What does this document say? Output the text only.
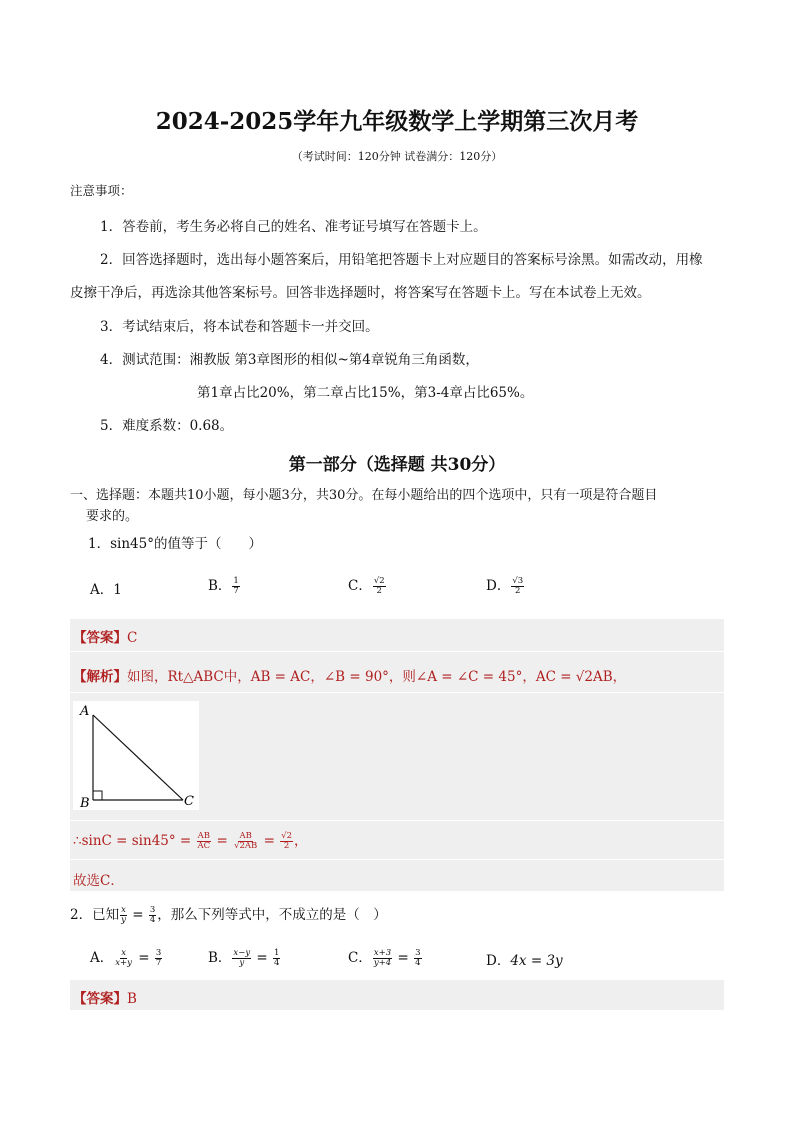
2024-2025学年九年级数学上学期第三次月考
（考试时间：120分钟 试卷满分：120分）
注意事项：
1．答卷前，考生务必将自己的姓名、准考证号填写在答题卡上。
2．回答选择题时，选出每小题答案后，用铅笔把答题卡上对应题目的答案标号涂黑。如需改动，用橡
皮擦干净后，再选涂其他答案标号。回答非选择题时，将答案写在答题卡上。写在本试卷上无效。
3．考试结束后，将本试卷和答题卡一并交回。
4．测试范围：湘教版 第3章图形的相似~第4章锐角三角函数，
第1章占比20%，第二章占比15%，第3-4章占比65%。
5．难度系数：0.68。
第一部分（选择题 共30分）
一、选择题：本题共10小题，每小题3分，共30分。在每小题给出的四个选项中，只有一项是符合题目
要求的。
1．sin45°的值等于（　　）
A．1	B． $\frac{1}{7}$	C． $\frac{√2}{2}$	D． $\frac{√3}{2}$
【答案】C
【解析】如图，Rt△ABC中，AB = AC，∠B = 90°，则∠A = ∠C = 45°，AC = √2AB，
A
B	C
∴sinC = $\sin 45^\circ = \frac{AB}{AC} = \frac{AB}{√2AB} = \frac{√2}{2}$ ，
故选C．
2．已知 $\frac{x}{y} = \frac{3}{4}$ ，那么下列等式中，不成立的是（　）
A． $\frac{x}{x+y} = \frac{3}{7}$	B． $\frac{x-y}{y} = \frac{1}{4}$	C． $\frac{x+3}{y+4} = \frac{3}{4}$	D．4x = 3y
【答案】B
